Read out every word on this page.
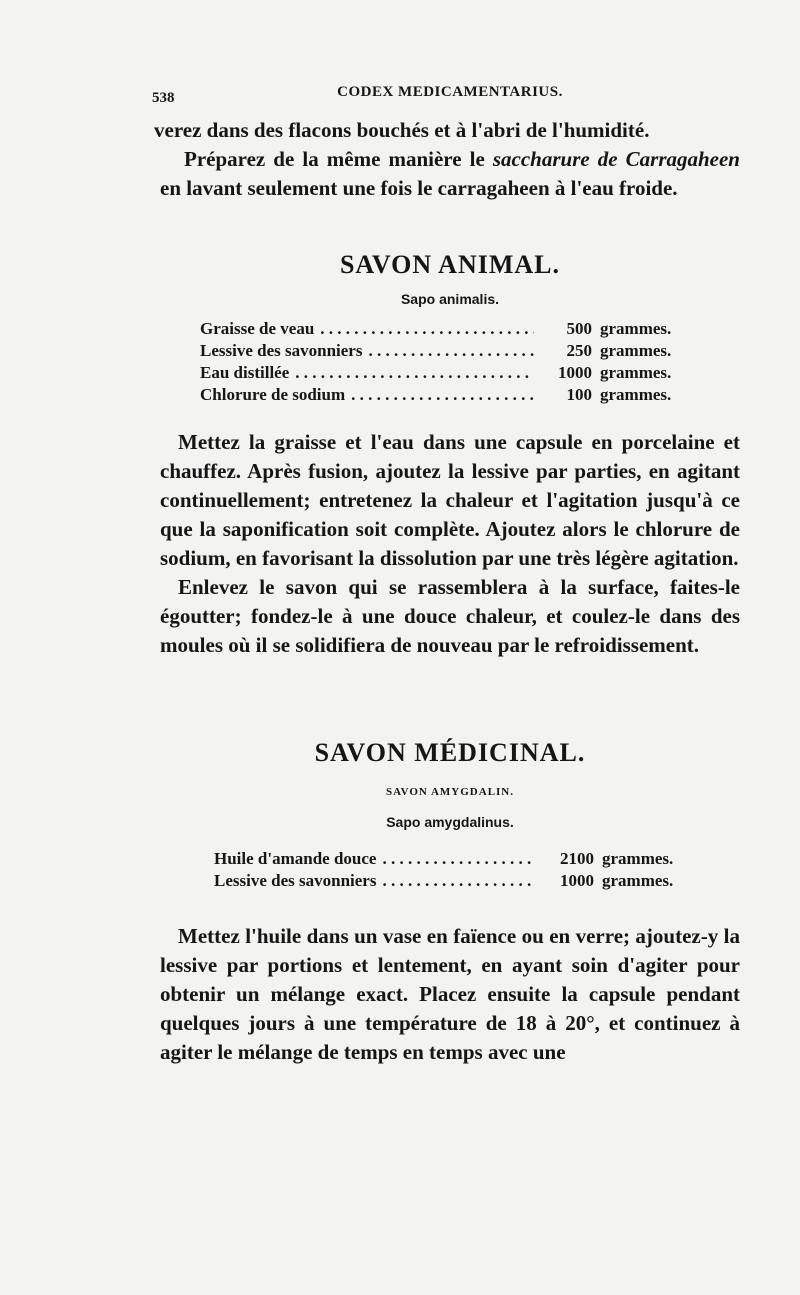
538	CODEX MEDICAMENTARIUS.

verez dans des flacons bouchés et à l'abri de l'humidité.

Préparez de la même manière le saccharure de Carragaheen en lavant seulement une fois le carragaheen à l'eau froide.

SAVON ANIMAL.
Sapo animalis.
Graisse de veau . . .	500 grammes.
Lessive des savonniers . . .	250 grammes.
Eau distillée . . .	1000 grammes.
Chlorure de sodium . . .	100 grammes.

Mettez la graisse et l'eau dans une capsule en porcelaine et chauffez. Après fusion, ajoutez la lessive par parties, en agitant continuellement; entretenez la chaleur et l'agitation jusqu'à ce que la saponification soit complète. Ajoutez alors le chlorure de sodium, en favorisant la dissolution par une très légère agitation.

Enlevez le savon qui se rassemblera à la surface, faites-le égoutter; fondez-le à une douce chaleur, et coulez-le dans des moules où il se solidifiera de nouveau par le refroidissement.

SAVON MÉDICINAL.
SAVON AMYGDALIN.
Sapo amygdalinus.
Huile d'amande douce . . .	2100 grammes.
Lessive des savonniers . . .	1000 grammes.

Mettez l'huile dans un vase en faïence ou en verre; ajoutez-y la lessive par portions et lentement, en ayant soin d'agiter pour obtenir un mélange exact. Placez ensuite la capsule pendant quelques jours à une température de 18 à 20°, et continuez à agiter le mélange de temps en temps avec une
